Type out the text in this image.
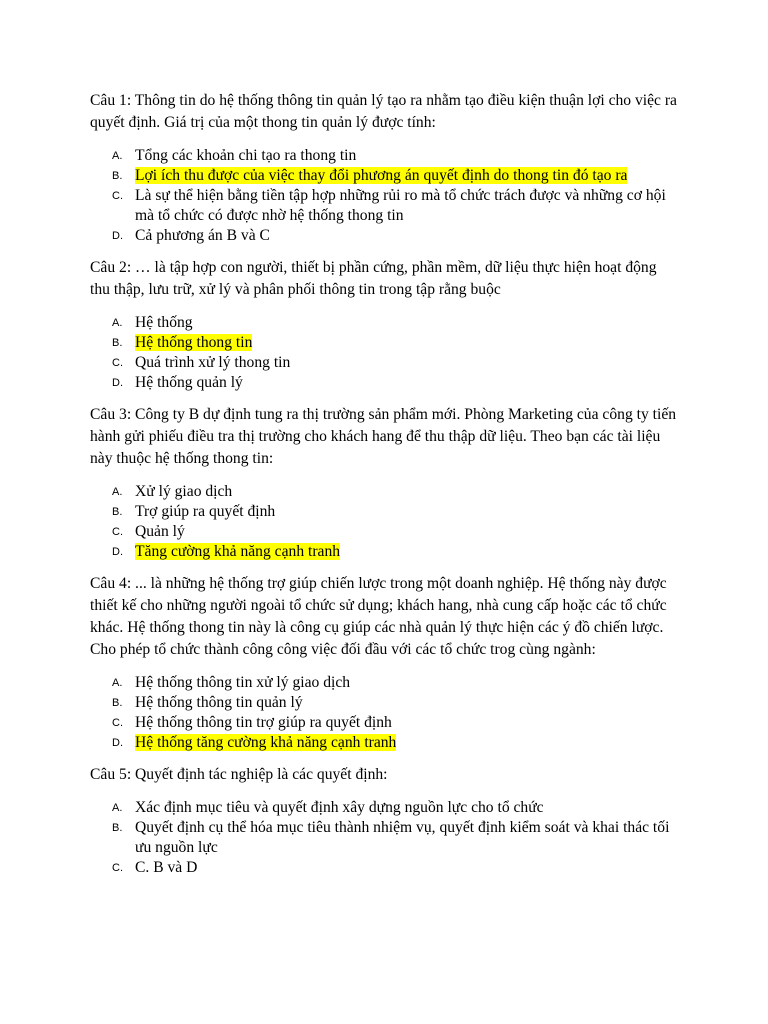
Câu 1: Thông tin do hệ thống thông tin quản lý tạo ra nhằm tạo điều kiện thuận lợi cho việc ra quyết định. Giá trị của một thong tin quản lý được tính:

A. Tổng các khoản chi tạo ra thong tin
B. Lợi ích thu được của việc thay đổi phương án quyết định do thong tin đó tạo ra
C. Là sự thể hiện bằng tiền tập hợp những rủi ro mà tổ chức trách được và những cơ hội mà tổ chức có được nhờ hệ thống thong tin
D. Cả phương án B và C

Câu 2: … là tập hợp con người, thiết bị phần cứng, phần mềm, dữ liệu thực hiện hoạt động thu thập, lưu trữ, xử lý và phân phối thông tin trong tập rằng buộc

A. Hệ thống
B. Hệ thống thong tin
C. Quá trình xử lý thong tin
D. Hệ thống quản lý

Câu 3: Công ty B dự định tung ra thị trường sản phẩm mới. Phòng Marketing của công ty tiến hành gửi phiếu điều tra thị trường cho khách hang để thu thập dữ liệu. Theo bạn các tài liệu này thuộc hệ thống thong tin:

A. Xử lý giao dịch
B. Trợ giúp ra quyết định
C. Quản lý
D. Tăng cường khả năng cạnh tranh

Câu 4: ... là những hệ thống trợ giúp chiến lược trong một doanh nghiệp. Hệ thống này được thiết kế cho những người ngoài tổ chức sử dụng; khách hang, nhà cung cấp hoặc các tổ chức khác. Hệ thống thong tin này là công cụ giúp các nhà quản lý thực hiện các ý đồ chiến lược. Cho phép tổ chức thành công công việc đối đầu với các tổ chức trog cùng ngành:

A. Hệ thống thông tin xử lý giao dịch
B. Hệ thống thông tin quản lý
C. Hệ thống thông tin trợ giúp ra quyết định
D. Hệ thống tăng cường khả năng cạnh tranh

Câu 5: Quyết định tác nghiệp là các quyết định:

A. Xác định mục tiêu và quyết định xây dựng nguồn lực cho tổ chức
B. Quyết định cụ thể hóa mục tiêu thành nhiệm vụ, quyết định kiểm soát và khai thác tối ưu nguồn lực
C. C. B và D
